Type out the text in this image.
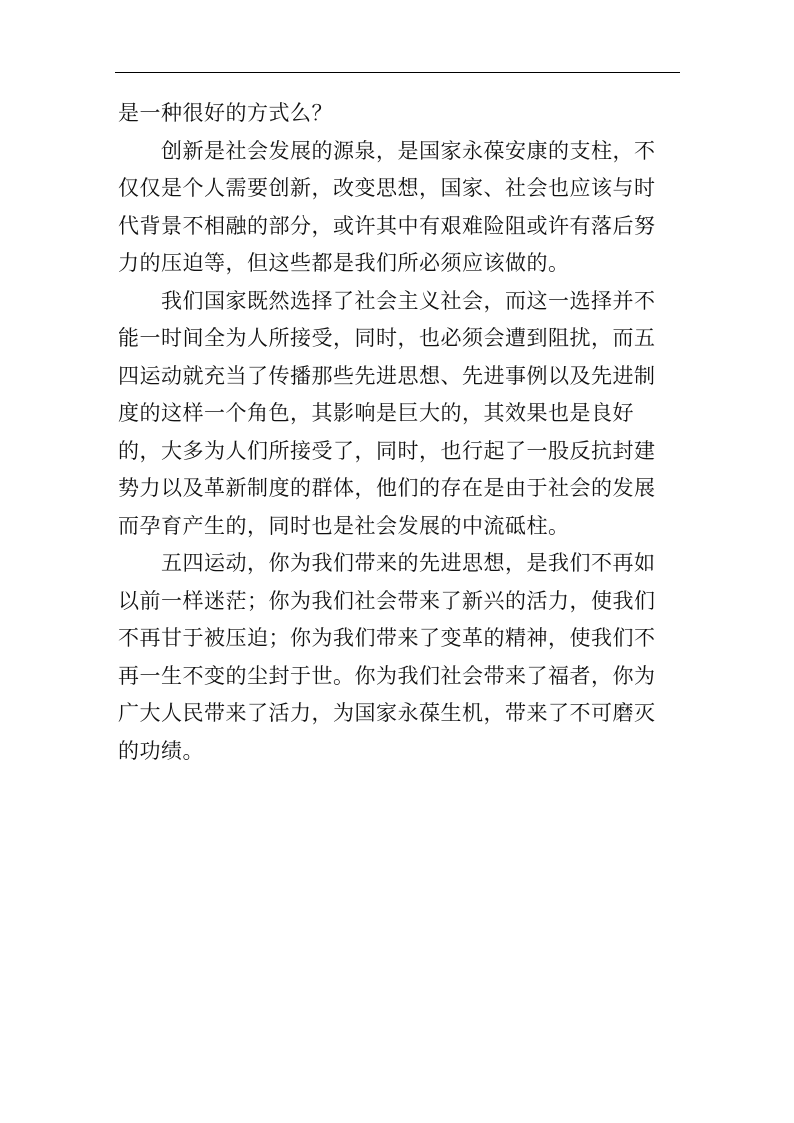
是一种很好的方式么？

创新是社会发展的源泉，是国家永葆安康的支柱，不仅仅是个人需要创新，改变思想，国家、社会也应该与时代背景不相融的部分，或许其中有艰难险阻或许有落后努力的压迫等，但这些都是我们所必须应该做的。

我们国家既然选择了社会主义社会，而这一选择并不能一时间全为人所接受，同时，也必须会遭到阻扰，而五四运动就充当了传播那些先进思想、先进事例以及先进制度的这样一个角色，其影响是巨大的，其效果也是良好的，大多为人们所接受了，同时，也行起了一股反抗封建势力以及革新制度的群体，他们的存在是由于社会的发展而孕育产生的，同时也是社会发展的中流砥柱。

五四运动，你为我们带来的先进思想，是我们不再如以前一样迷茫；你为我们社会带来了新兴的活力，使我们不再甘于被压迫；你为我们带来了变革的精神，使我们不再一生不变的尘封于世。你为我们社会带来了福者，你为广大人民带来了活力，为国家永葆生机，带来了不可磨灭的功绩。
